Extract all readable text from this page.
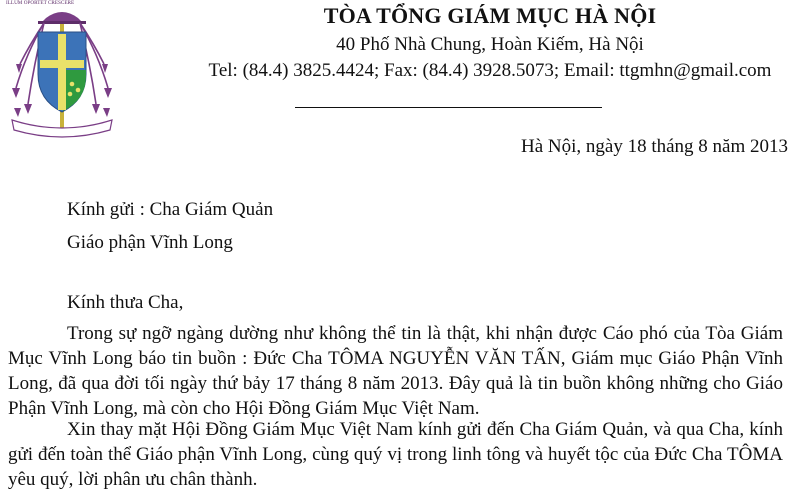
ILLUM OPORTET CRESCERE	TÒA TỔNG GIÁM MỤC HÀ NỘI
40 Phố Nhà Chung, Hoàn Kiếm, Hà Nội
Tel: (84.4) 3825.4424; Fax: (84.4) 3928.5073; Email: ttgmhn@gmail.com
Hà Nội, ngày 18 tháng 8 năm 2013
Kính gửi : Cha Giám Quản
Giáo phận Vĩnh Long
Kính thưa Cha,
Trong sự ngỡ ngàng dường như không thể tin là thật, khi nhận được Cáo phó của Tòa Giám Mục Vĩnh Long báo tin buồn : Đức Cha TÔMA NGUYỄN VĂN TẤN, Giám mục Giáo Phận Vĩnh Long, đã qua đời tối ngày thứ bảy 17 tháng 8 năm 2013. Đây quả là tin buồn không những cho Giáo Phận Vĩnh Long, mà còn cho Hội Đồng Giám Mục Việt Nam.
Xin thay mặt Hội Đồng Giám Mục Việt Nam kính gửi đến Cha Giám Quản, và qua Cha, kính gửi đến toàn thể Giáo phận Vĩnh Long, cùng quý vị trong linh tông và huyết tộc của Đức Cha TÔMA yêu quý, lời phân ưu chân thành.
